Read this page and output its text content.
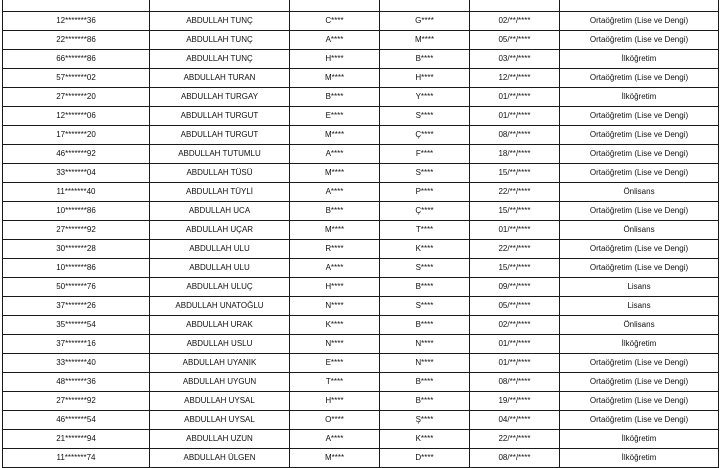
12*******36	ABDULLAH TUNÇ	C****	G****	02/**/****	Ortaöğretim (Lise ve Dengi)
22*******86	ABDULLAH TUNÇ	A****	M****	05/**/****	Ortaöğretim (Lise ve Dengi)
66*******86	ABDULLAH TUNÇ	H****	B****	03/**/****	İlköğretim
57*******02	ABDULLAH TURAN	M****	H****	12/**/****	Ortaöğretim (Lise ve Dengi)
27*******20	ABDULLAH TURGAY	B****	Y****	01/**/****	İlköğretim
12*******06	ABDULLAH TURGUT	E****	S****	01/**/****	Ortaöğretim (Lise ve Dengi)
17*******20	ABDULLAH TURGUT	M****	Ç****	08/**/****	Ortaöğretim (Lise ve Dengi)
46*******92	ABDULLAH TUTUMLU	A****	F****	18/**/****	Ortaöğretim (Lise ve Dengi)
33*******04	ABDULLAH TÜSÜ	M****	S****	15/**/****	Ortaöğretim (Lise ve Dengi)
11*******40	ABDULLAH TÜYLİ	A****	P****	22/**/****	Önlisans
10*******86	ABDULLAH UCA	B****	Ç****	15/**/****	Ortaöğretim (Lise ve Dengi)
27*******92	ABDULLAH UÇAR	M****	T****	01/**/****	Önlisans
30*******28	ABDULLAH ULU	R****	K****	22/**/****	Ortaöğretim (Lise ve Dengi)
10*******86	ABDULLAH ULU	A****	S****	15/**/****	Ortaöğretim (Lise ve Dengi)
50*******76	ABDULLAH ULUÇ	H****	B****	09/**/****	Lisans
37*******26	ABDULLAH UNATOĞLU	N****	S****	05/**/****	Lisans
35*******54	ABDULLAH URAK	K****	B****	02/**/****	Önlisans
37*******16	ABDULLAH USLU	N****	N****	01/**/****	İlköğretim
33*******40	ABDULLAH UYANIK	E****	N****	01/**/****	Ortaöğretim (Lise ve Dengi)
48*******36	ABDULLAH UYGUN	T****	B****	08/**/****	Ortaöğretim (Lise ve Dengi)
27*******92	ABDULLAH UYSAL	H****	B****	19/**/****	Ortaöğretim (Lise ve Dengi)
46*******54	ABDULLAH UYSAL	O****	Ş****	04/**/****	Ortaöğretim (Lise ve Dengi)
21*******94	ABDULLAH UZUN	A****	K****	22/**/****	İlköğretim
11*******74	ABDULLAH ÜLGEN	M****	D****	08/**/****	İlköğretim
